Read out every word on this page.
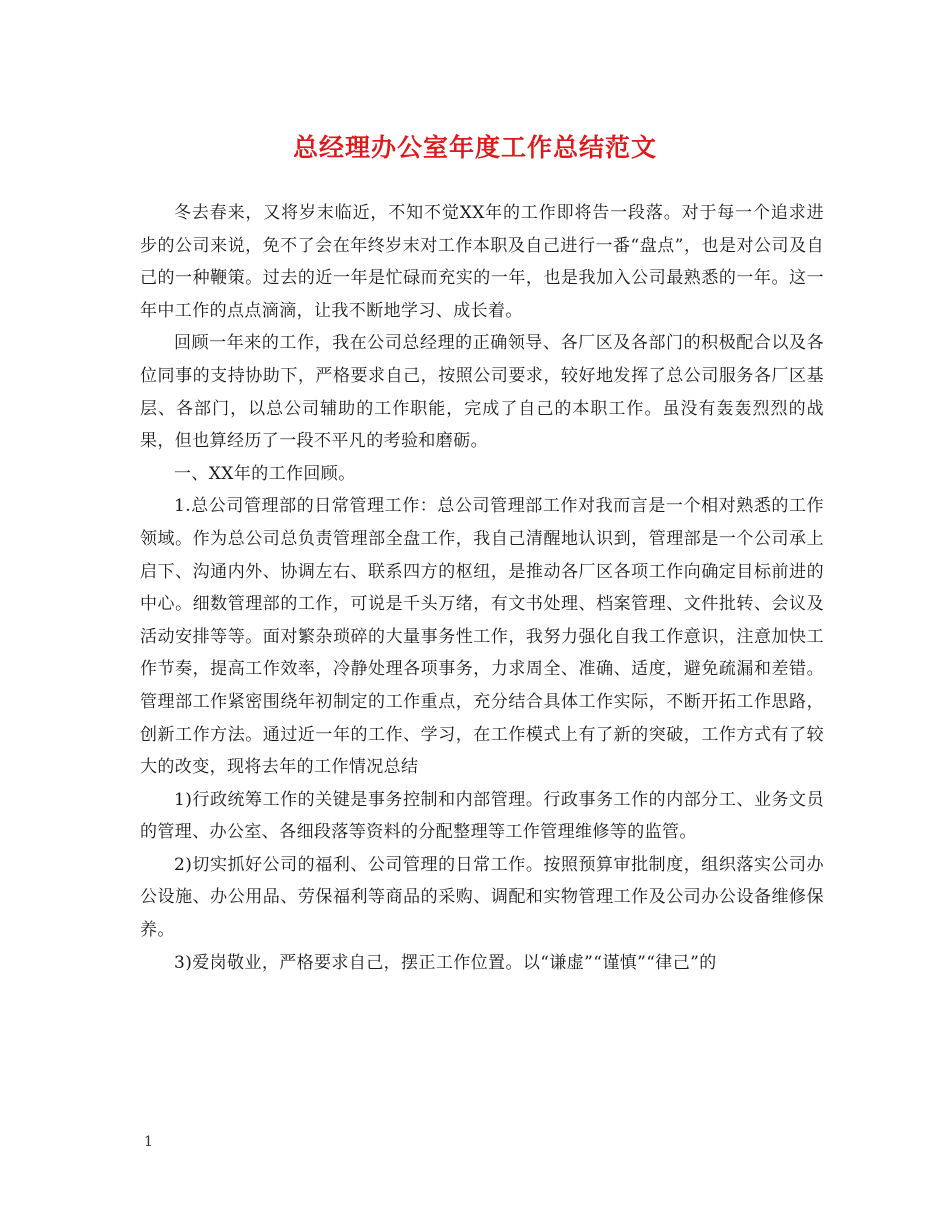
总经理办公室年度工作总结范文

冬去春来，又将岁末临近，不知不觉XX年的工作即将告一段落。对于每一个追求进步的公司来说，免不了会在年终岁末对工作本职及自己进行一番“盘点”，也是对公司及自己的一种鞭策。过去的近一年是忙碌而充实的一年，也是我加入公司最熟悉的一年。这一年中工作的点点滴滴，让我不断地学习、成长着。

回顾一年来的工作，我在公司总经理的正确领导、各厂区及各部门的积极配合以及各位同事的支持协助下，严格要求自己，按照公司要求，较好地发挥了总公司服务各厂区基层、各部门，以总公司辅助的工作职能，完成了自己的本职工作。虽没有轰轰烈烈的战果，但也算经历了一段不平凡的考验和磨砺。

一、XX年的工作回顾。

1.总公司管理部的日常管理工作：总公司管理部工作对我而言是一个相对熟悉的工作领域。作为总公司总负责管理部全盘工作，我自己清醒地认识到，管理部是一个公司承上启下、沟通内外、协调左右、联系四方的枢纽，是推动各厂区各项工作向确定目标前进的中心。细数管理部的工作，可说是千头万绪，有文书处理、档案管理、文件批转、会议及活动安排等等。面对繁杂琐碎的大量事务性工作，我努力强化自我工作意识，注意加快工作节奏，提高工作效率，冷静处理各项事务，力求周全、准确、适度，避免疏漏和差错。管理部工作紧密围绕年初制定的工作重点，充分结合具体工作实际，不断开拓工作思路，创新工作方法。通过近一年的工作、学习，在工作模式上有了新的突破，工作方式有了较大的改变，现将去年的工作情况总结

1)行政统筹工作的关键是事务控制和内部管理。行政事务工作的内部分工、业务文员的管理、办公室、各细段落等资料的分配整理等工作管理维修等的监管。

2)切实抓好公司的福利、公司管理的日常工作。按照预算审批制度，组织落实公司办公设施、办公用品、劳保福利等商品的采购、调配和实物管理工作及公司办公设备维修保养。

3)爱岗敬业，严格要求自己，摆正工作位置。以“谦虚”“谨慎”“律己”的

1
